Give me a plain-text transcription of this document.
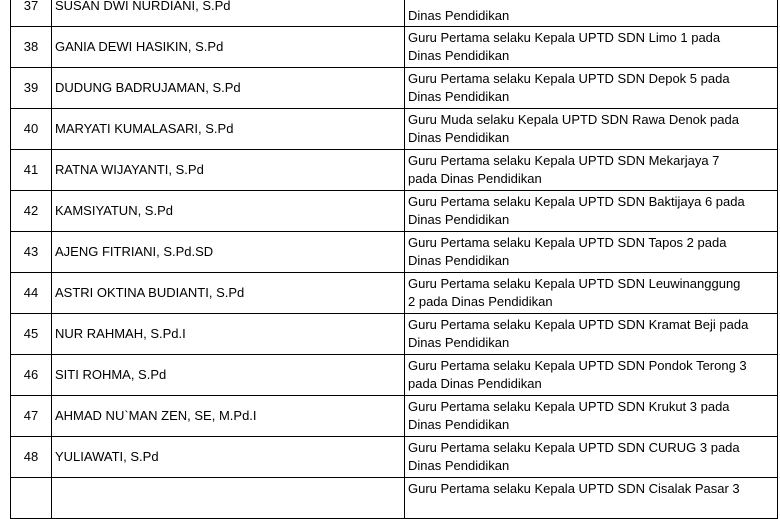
37	SUSAN DWI NURDIANI, S.Pd	Dinas Pendidikan

38	GANIA DEWI HASIKIN, S.Pd	Guru Pertama selaku Kepala UPTD SDN Limo 1 pada
Dinas Pendidikan

39	DUDUNG BADRUJAMAN, S.Pd	Guru Pertama selaku Kepala UPTD SDN Depok 5 pada
Dinas Pendidikan

40	MARYATI KUMALASARI, S.Pd	Guru Muda selaku Kepala UPTD SDN Rawa Denok pada
Dinas Pendidikan

41	RATNA WIJAYANTI, S.Pd	Guru Pertama selaku Kepala UPTD SDN Mekarjaya 7
pada Dinas Pendidikan

42	KAMSIYATUN, S.Pd	Guru Pertama selaku Kepala UPTD SDN Baktijaya 6 pada
Dinas Pendidikan

43	AJENG FITRIANI, S.Pd.SD	Guru Pertama selaku Kepala UPTD SDN Tapos 2 pada
Dinas Pendidikan

44	ASTRI OKTINA BUDIANTI, S.Pd	Guru Pertama selaku Kepala UPTD SDN Leuwinanggung
2 pada Dinas Pendidikan

45	NUR RAHMAH, S.Pd.I	Guru Pertama selaku Kepala UPTD SDN Kramat Beji pada
Dinas Pendidikan

46	SITI ROHMA, S.Pd	Guru Pertama selaku Kepala UPTD SDN Pondok Terong 3
pada Dinas Pendidikan

47	AHMAD NU`MAN ZEN, SE, M.Pd.I	Guru Pertama selaku Kepala UPTD SDN Krukut 3 pada
Dinas Pendidikan

48	YULIAWATI, S.Pd	Guru Pertama selaku Kepala UPTD SDN CURUG 3 pada
Dinas Pendidikan

		Guru Pertama selaku Kepala UPTD SDN Cisalak Pasar 3
